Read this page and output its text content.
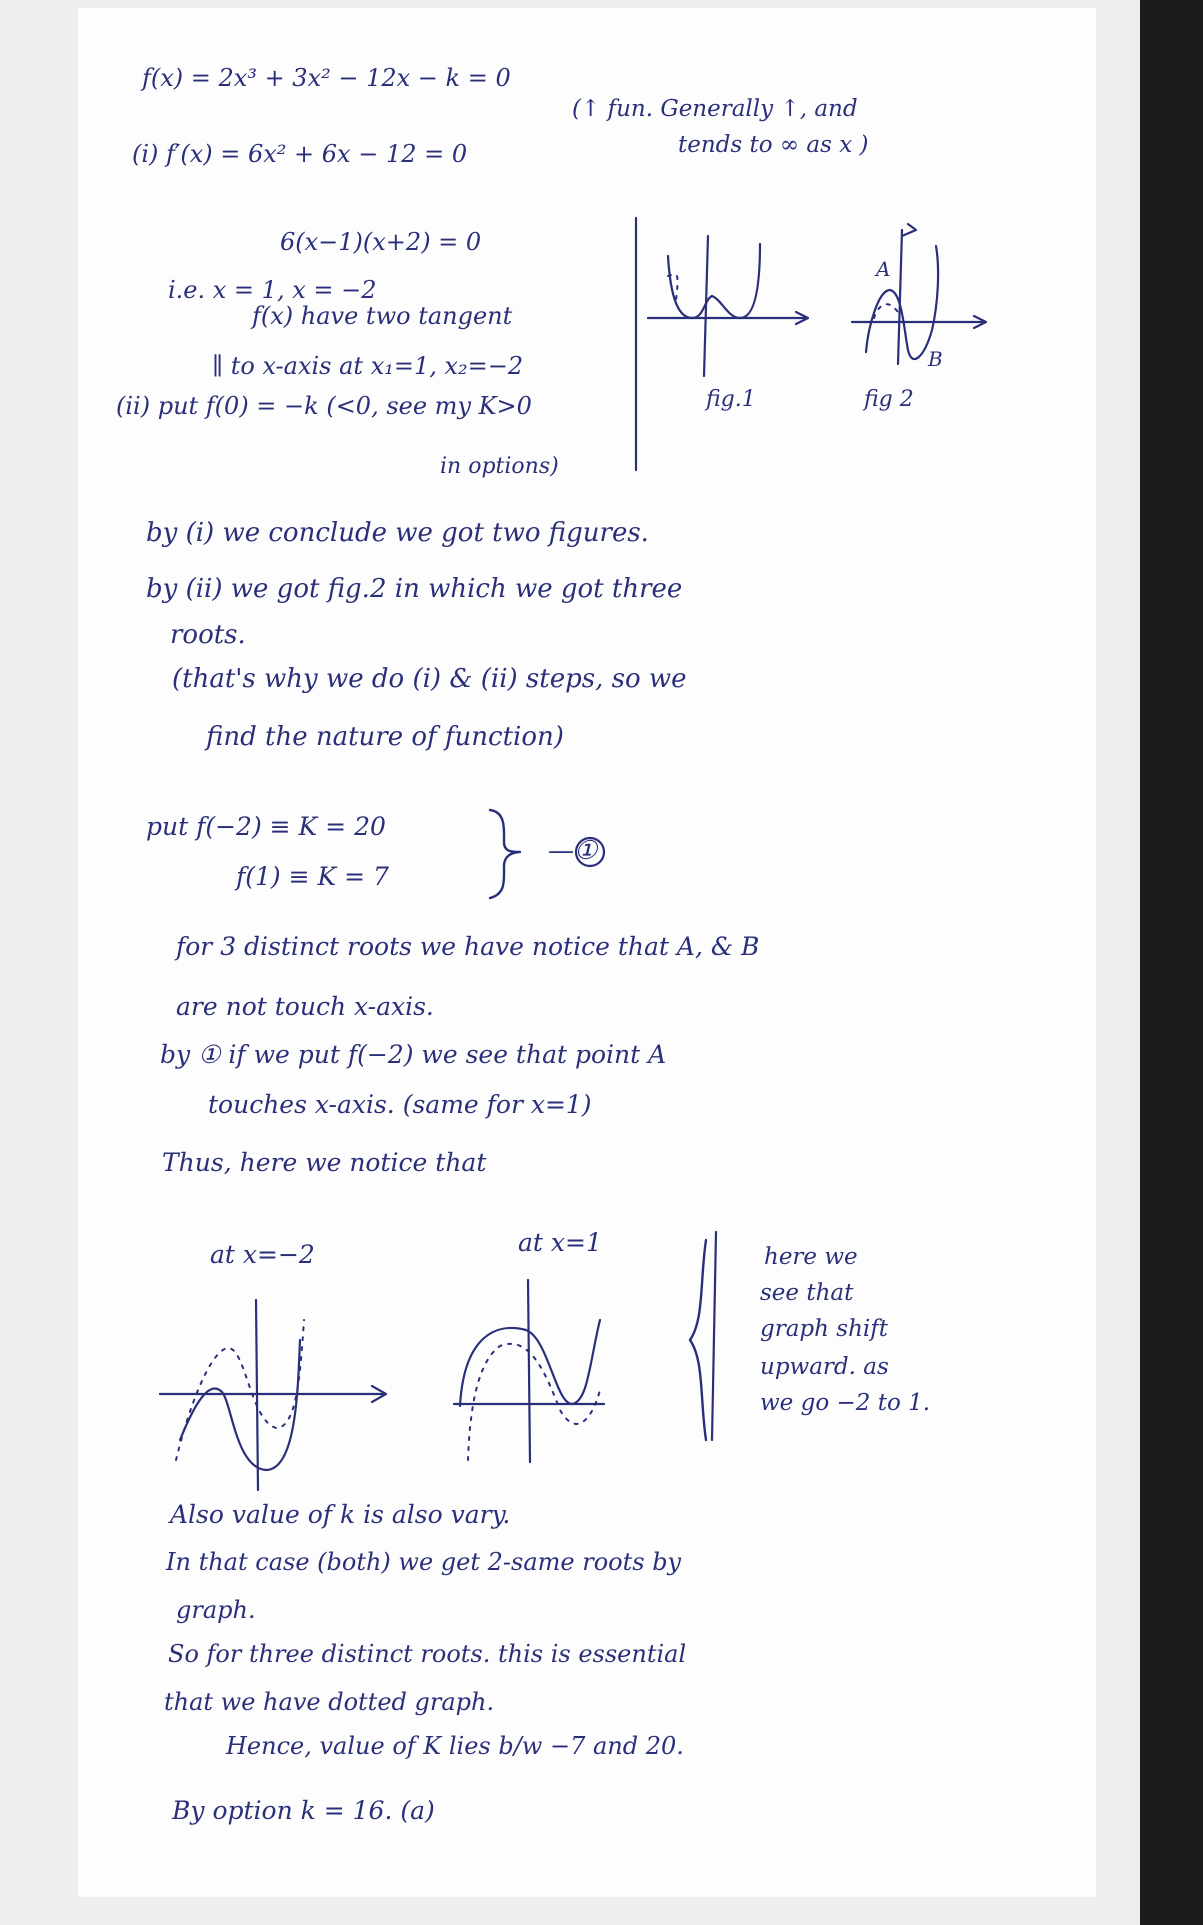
f(x) = 2x³ + 3x² − 12x − k = 0
(↑ fun. Generally ↑, and
tends to ∞ as x )
(i) f′(x) = 6x² + 6x − 12 = 0
6(x−1)(x+2) = 0
i.e. x = 1, x = −2
f(x) have two tangent
∥ to x-axis at x₁=1, x₂=−2
(ii) put f(0) = −k (<0, see my K>0
in options)
by (i) we conclude we got two figures.
by (ii) we got fig.2 in which we got three
roots.
(that's why we do (i) & (ii) steps, so we
find the nature of function)
put f(−2) ≡ K = 20
f(1) ≡ K = 7
—①
for 3 distinct roots we have notice that A, & B
are not touch x-axis.
by ① if we put f(−2) we see that point A
touches x-axis. (same for x=1)
Thus, here we notice that
at x=−2	at x=1	here we
see that
graph shift
upward. as
we go −2 to 1.
Also value of k is also vary.
In that case (both) we get 2-same roots by
graph.
So for three distinct roots. this is essential
that we have dotted graph.
Hence, value of K lies b/w −7 and 20.
By option k = 16. (a)
fig.1
A
B
fig 2
